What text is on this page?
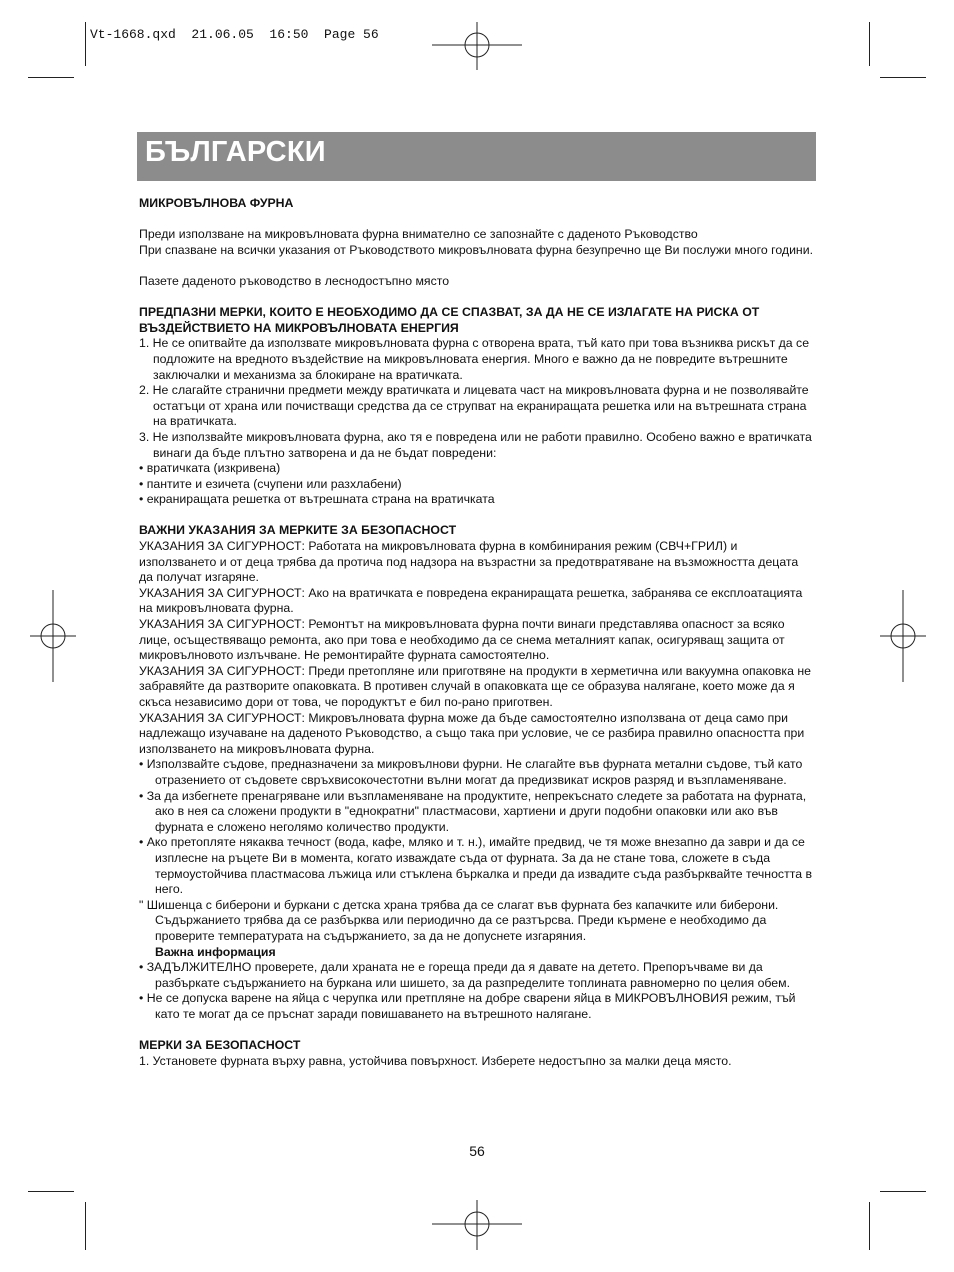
Vt-1668.qxd  21.06.05  16:50  Page 56
БЪЛГАРСКИ

МИКРОВЪЛНОВА ФУРНА

Преди използване на микровълновата фурна внимателно се запознайте с даденото Ръководство

При спазване на всички указания от Ръководството микровълновата фурна безупречно ще Ви послужи много години.

Пазете даденото ръководство в леснодостъпно място

ПРЕДПАЗНИ МЕРКИ, КОИТО Е НЕОБХОДИМО ДА СЕ СПАЗВАТ, ЗА ДА НЕ СЕ ИЗЛАГАТЕ НА РИСКА ОТ ВЪЗДЕЙСТВИЕТО НА МИКРОВЪЛНОВАТА ЕНЕРГИЯ

1. Не се опитвайте да използвате микровълновата фурна с отворена врата, тъй като при това възниква рискът да се подложите на вредното въздействие на микровълновата енергия. Много е важно да не повредите вътрешните заключалки и механизма за блокиране на вратичката.

2. Не слагайте странични предмети между вратичката и лицевата част на микровълновата фурна и не позволявайте остатъци от храна или почистващи средства да се струпват на екраниращата решетка или на вътрешната страна на вратичката.

3. Не използвайте микровълновата фурна, ако тя е повредена или не работи правилно. Особено важно е вратичката винаги да бъде плътно затворена и да не бъдат повредени:

• вратичката (изкривена)

• пантите и езичета (счупени или разхлабени)

• екраниращата решетка от вътрешната страна на вратичката

ВАЖНИ УКАЗАНИЯ ЗА МЕРКИТЕ ЗА БЕЗОПАСНОСТ

УКАЗАНИЯ ЗА СИГУРНОСТ: Работата на микровълновата фурна в комбинирания режим (СВЧ+ГРИЛ) и използването и от деца трябва да протича под надзора на възрастни за предотвратяване на възможността децата да получат изгаряне.

УКАЗАНИЯ ЗА СИГУРНОСТ: Ако на вратичката е повредена екраниращата решетка, забранява се експлоатацията на микровълновата фурна.

УКАЗАНИЯ ЗА СИГУРНОСТ: Ремонтът на микровълновата фурна почти винаги представлява опасност за всяко лице, осъществяващо ремонта, ако при това е необходимо да се снема металният капак, осигуряващ защита от микровълновото излъчване. Не ремонтирайте фурната самостоятелно.

УКАЗАНИЯ ЗА СИГУРНОСТ: Преди претопляне или приготвяне на продукти в херметична или вакуумна опаковка не забравяйте да разтворите опаковката. В противен случай в опаковката ще се образува налягане, което може да я скъса независимо дори от това, че породуктът е бил по-рано приготвен.

УКАЗАНИЯ ЗА СИГУРНОСТ: Микровълновата фурна може да бъде самостоятелно използвана от деца само при надлежащо изучаване на даденото Ръководство, а също така при условие, че се разбира правилно опасността при използването на микровълновата фурна.

• Използвайте съдове, предназначени за микровълнови фурни. Не слагайте във фурната метални съдове, тъй като отразението от съдовете свръхвисокочестотни вълни могат да предизвикат искров разряд и възпламеняване.

• За да избегнете пренагряване или възпламеняване на продуктите, непрекъснато следете за работата на фурната, ако в нея са сложени продукти в "еднократни" пластмасови, хартиени и други подобни опаковки или ако във фурната е сложено неголямо количество продукти.

• Ако претопляте някаква течност (вода, кафе, мляко и т. н.), имайте предвид, че тя може внезапно да заври и да се изплесне на ръцете Ви в момента, когато изваждате съда от фурната. За да не стане това, сложете в съда термоустойчива пластмасова лъжица или стъклена бъркалка и преди да извадите съда разбърквайте течността в него.

" Шишенца с биберони и буркани с детска храна трябва да се слагат във фурната без капачките или биберони. Съдържанието трябва да се разбърква или периодично да се разтърсва. Преди кърмене е необходимо да проверите температурата на съдържанието, за да не допуснете изгаряния.

Важна информация

• ЗАДЪЛЖИТЕЛНО проверете, дали храната не е гореща преди да я давате на детето. Препоръчваме ви да разбъркате съдържанието на буркана или шишето, за да разпределите топлината равномерно по целия обем.

• Не се допуска варене на яйца с черупка или претпляне на добре сварени яйца в МИКРОВЪЛНОВИЯ режим, тъй като те могат да се пръснат заради повишаването на вътрешното налягане.

МЕРКИ ЗА БЕЗОПАСНОСТ

1. Установете фурната върху равна, устойчива повърхност. Изберете недостъпно за малки деца място.

56
